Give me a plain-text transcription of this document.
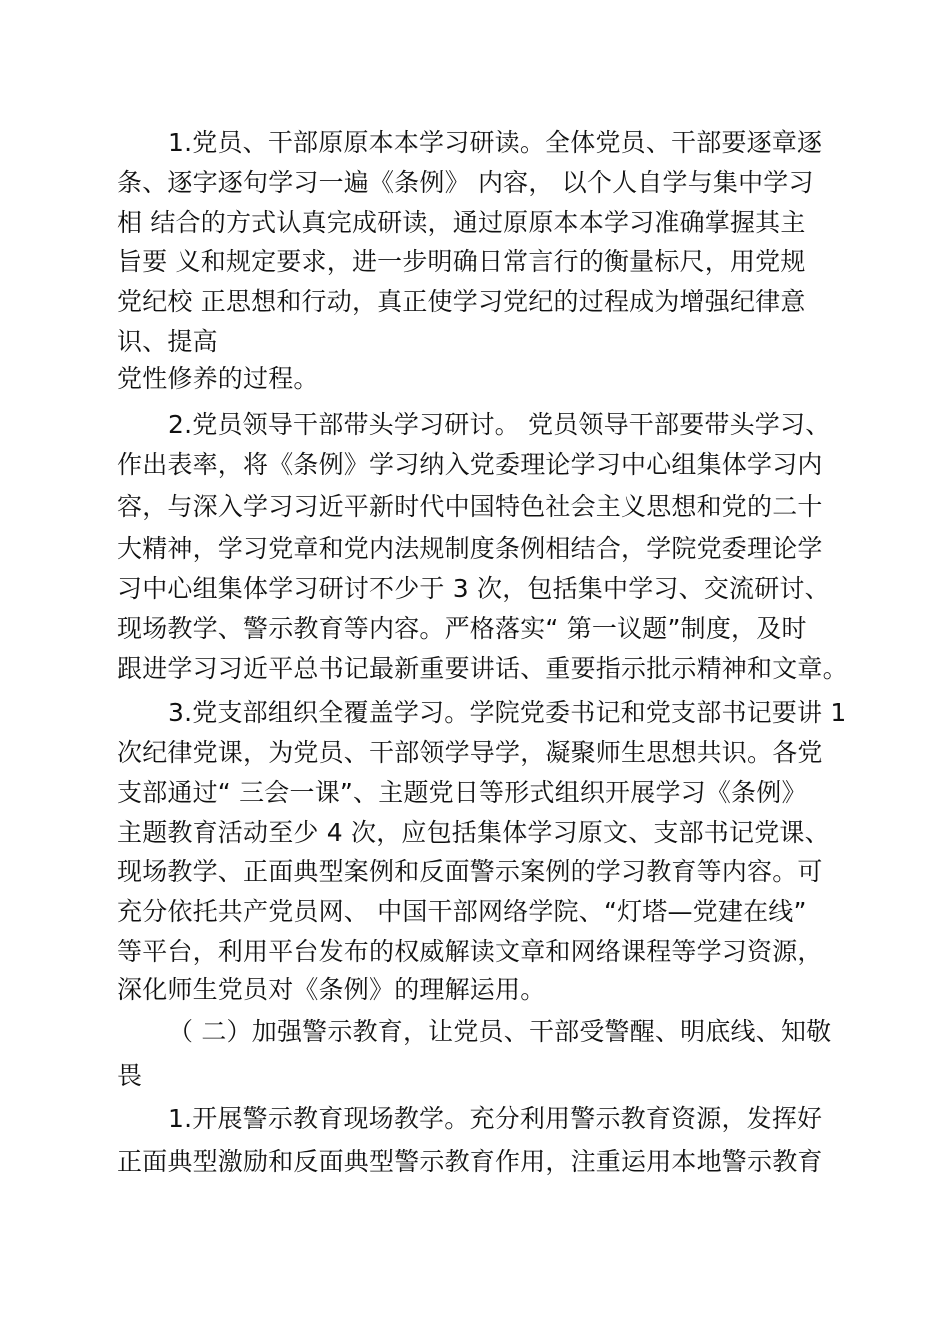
1.党员、干部原原本本学习研读。全体党员、干部要逐章逐

条、逐字逐句学习一遍《条例》 内容， 以个人自学与集中学习

相 结合的方式认真完成研读，通过原原本本学习准确掌握其主

旨要 义和规定要求，进一步明确日常言行的衡量标尺，用党规

党纪校 正思想和行动，真正使学习党纪的过程成为增强纪律意

识、提高

党性修养的过程。

2.党员领导干部带头学习研讨。 党员领导干部要带头学习、

作出表率，将《条例》学习纳入党委理论学习中心组集体学习内

容，与深入学习习近平新时代中国特色社会主义思想和党的二十

大精神，学习党章和党内法规制度条例相结合，学院党委理论学

习中心组集体学习研讨不少于 3 次，包括集中学习、交流研讨、

现场教学、警示教育等内容。严格落实“ 第一议题”制度，及时

跟进学习习近平总书记最新重要讲话、重要指示批示精神和文章。

3.党支部组织全覆盖学习。学院党委书记和党支部书记要讲 1

次纪律党课，为党员、干部领学导学，凝聚师生思想共识。各党

支部通过“ 三会一课”、主题党日等形式组织开展学习《条例》

主题教育活动至少 4 次，应包括集体学习原文、支部书记党课、

现场教学、正面典型案例和反面警示案例的学习教育等内容。可

充分依托共产党员网、 中国干部网络学院、“灯塔—党建在线”

等平台，利用平台发布的权威解读文章和网络课程等学习资源，

深化师生党员对《条例》的理解运用。

（ 二）加强警示教育，让党员、干部受警醒、明底线、知敬

畏

1.开展警示教育现场教学。充分利用警示教育资源，发挥好

正面典型激励和反面典型警示教育作用，注重运用本地警示教育
